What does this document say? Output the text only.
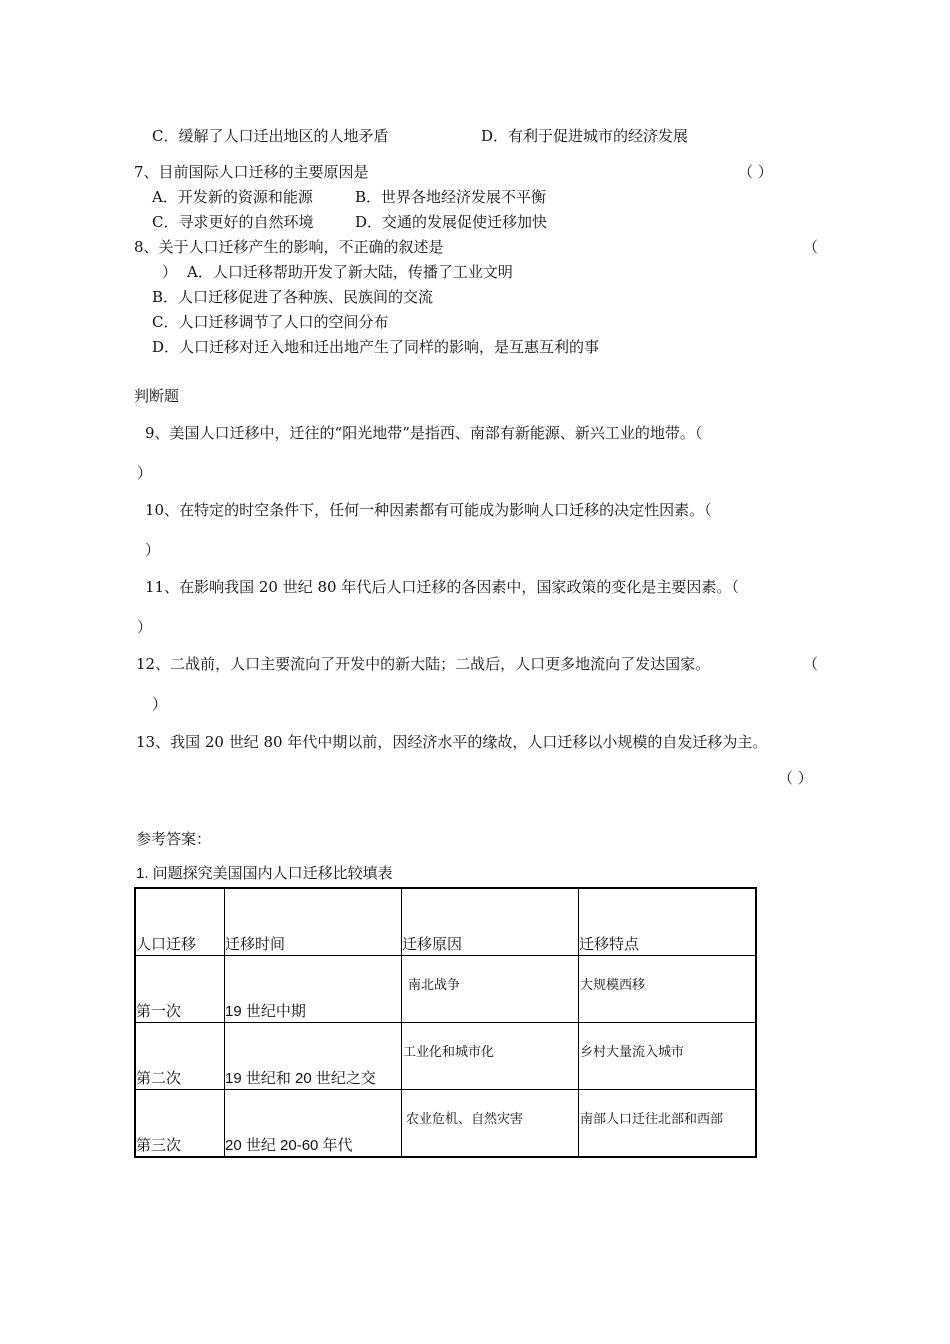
C．缓解了人口迁出地区的人地矛盾	D．有利于促进城市的经济发展
7、目前国际人口迁移的主要原因是	（ ）
A．开发新的资源和能源	B．世界各地经济发展不平衡
C．寻求更好的自然环境	D．交通的发展促使迁移加快
8、关于人口迁移产生的影响，不正确的叙述是	（
） A．人口迁移帮助开发了新大陆，传播了工业文明
B．人口迁移促进了各种族、民族间的交流
C．人口迁移调节了人口的空间分布
D．人口迁移对迁入地和迁出地产生了同样的影响，是互惠互利的事
判断题
9、美国人口迁移中，迁往的“阳光地带”是指西、南部有新能源、新兴工业的地带。（
）
10、在特定的时空条件下，任何一种因素都有可能成为影响人口迁移的决定性因素。（
）
11、在影响我国 20 世纪 80 年代后人口迁移的各因素中，国家政策的变化是主要因素。（
）
12、二战前，人口主要流向了开发中的新大陆；二战后，人口更多地流向了发达国家。	（
）
13、我国 20 世纪 80 年代中期以前，因经济水平的缘故，人口迁移以小规模的自发迁移为主。
（ ）
参考答案：
1. 问题探究美国国内人口迁移比较填表
人口迁移	迁移时间	迁移原因	迁移特点

第一次	19 世纪中期	南北战争	大规模西移

第二次	19 世纪和 20 世纪之交	工业化和城市化	乡村大量流入城市

第三次	20 世纪 20-60 年代	农业危机、自然灾害	南部人口迁往北部和西部
